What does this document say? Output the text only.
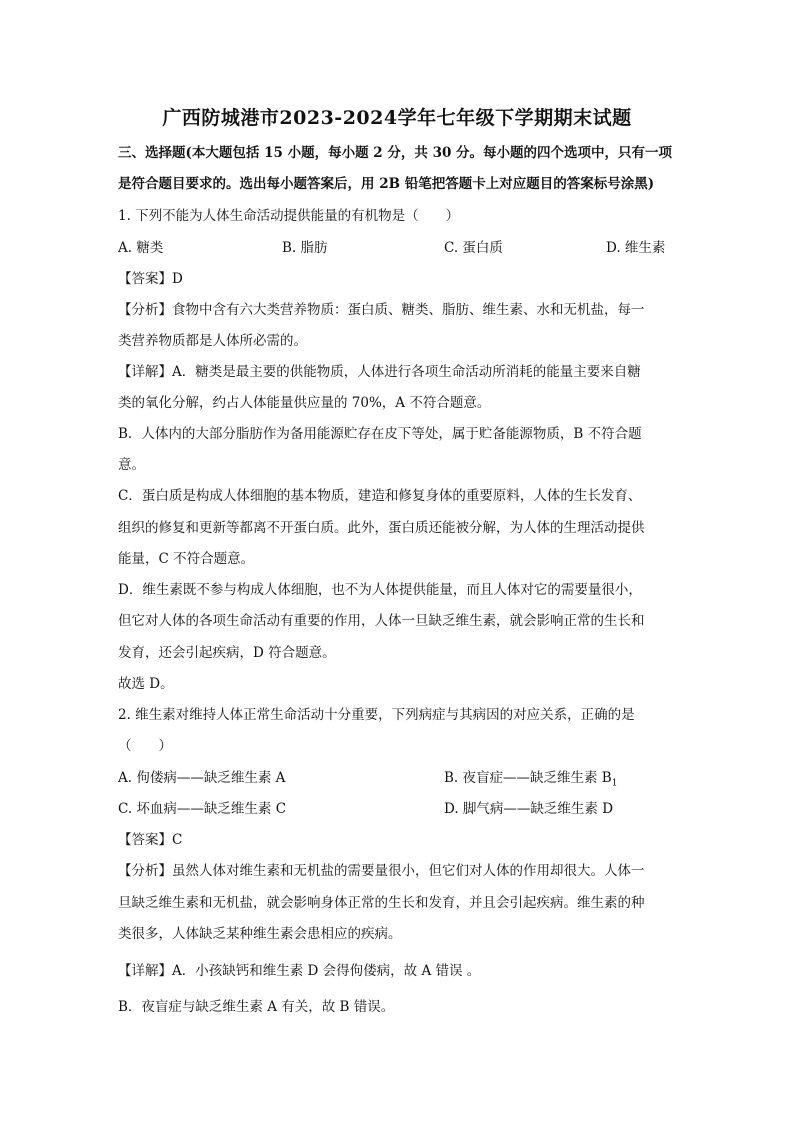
广西防城港市2023-2024学年七年级下学期期末试题
三、选择题(本大题包括 15 小题，每小题 2 分，共 30 分。每小题的四个选项中，只有一项
是符合题目要求的。选出每小题答案后，用 2B 铅笔把答题卡上对应题目的答案标号涂黑)
1. 下列不能为人体生命活动提供能量的有机物是（　　）
A. 糖类	B. 脂肪	C. 蛋白质	D. 维生素
【答案】D
【分析】食物中含有六大类营养物质：蛋白质、糖类、脂肪、维生素、水和无机盐，每一
类营养物质都是人体所必需的。
【详解】A．糖类是最主要的供能物质，人体进行各项生命活动所消耗的能量主要来自糖
类的氧化分解，约占人体能量供应量的 70%，A 不符合题意。
B．人体内的大部分脂肪作为备用能源贮存在皮下等处，属于贮备能源物质，B 不符合题
意。
C．蛋白质是构成人体细胞的基本物质，建造和修复身体的重要原料，人体的生长发育、
组织的修复和更新等都离不开蛋白质。此外，蛋白质还能被分解，为人体的生理活动提供
能量，C 不符合题意。
D．维生素既不参与构成人体细胞，也不为人体提供能量，而且人体对它的需要量很小，
但它对人体的各项生命活动有重要的作用，人体一旦缺乏维生素，就会影响正常的生长和
发育，还会引起疾病，D 符合题意。
故选 D。
2. 维生素对维持人体正常生命活动十分重要，下列病症与其病因的对应关系，正确的是
（　　）
A. 佝偻病——缺乏维生素 A	B. 夜盲症——缺乏维生素 $B_1$
C. 坏血病——缺乏维生素 C	D. 脚气病——缺乏维生素 D
【答案】C
【分析】虽然人体对维生素和无机盐的需要量很小，但它们对人体的作用却很大。人体一
旦缺乏维生素和无机盐，就会影响身体正常的生长和发育，并且会引起疾病。维生素的种
类很多，人体缺乏某种维生素会患相应的疾病。
【详解】A．小孩缺钙和维生素 D 会得佝偻病，故 A 错误 。
B．夜盲症与缺乏维生素 A 有关，故 B 错误。
